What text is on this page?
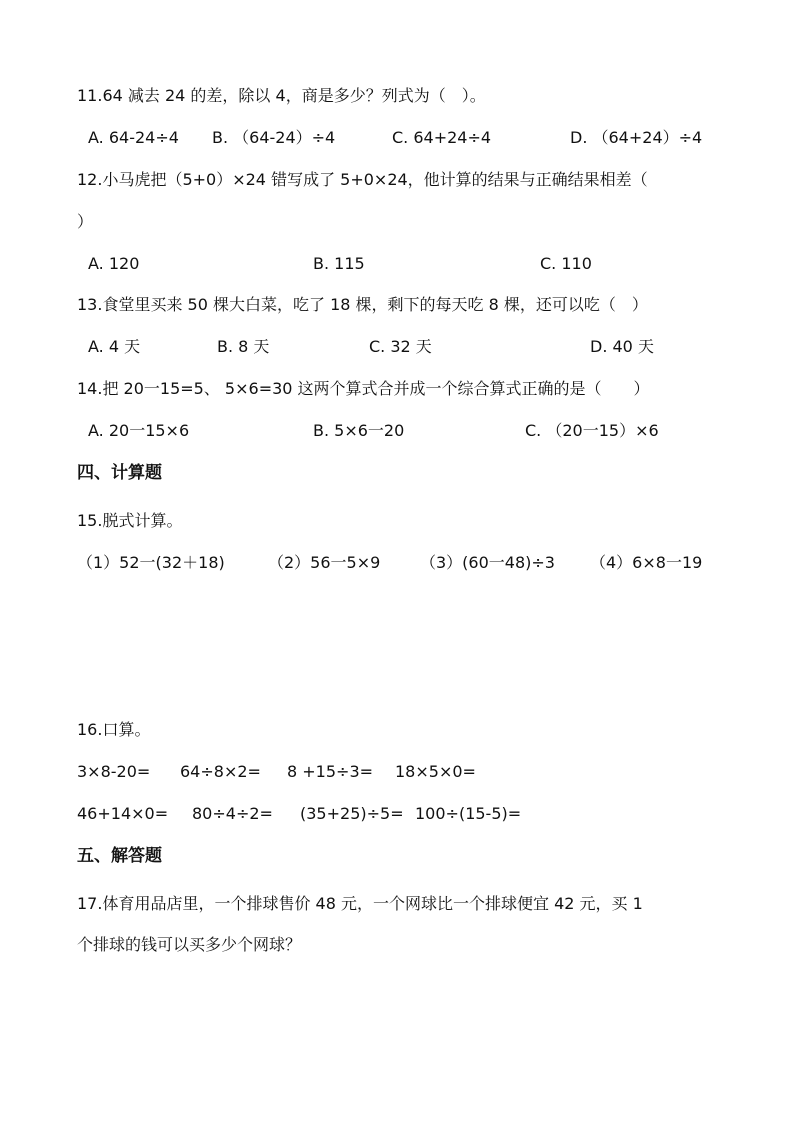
11.64 减去 24 的差，除以 4，商是多少？列式为（　）。
A. 64-24÷4 B. （64-24）÷4	C. 64+24÷4	D. （64+24）÷4
12.小马虎把（5+0）×24 错写成了 5+0×24，他计算的结果与正确结果相差（
）
A. 120	B. 115	C. 110
13.食堂里买来 50 棵大白菜，吃了 18 棵，剩下的每天吃 8 棵，还可以吃（　）
A. 4 天	B. 8 天	C. 32 天	D. 40 天
14.把 20一15=5、 5×6=30 这两个算式合并成一个综合算式正确的是（　　）
A. 20一15×6	B. 5×6一20	C. （20一15）×6
四、计算题
15.脱式计算。
（1）52一(32＋18)	（2）56一5×9 （3）(60一48)÷3 （4）6×8一19
16.口算。
3×8-20= 64÷8×2= 8 +15÷3= 18×5×0=
46+14×0= 80÷4÷2= (35+25)÷5= 100÷(15-5)=
五、解答题
17.体育用品店里，一个排球售价 48 元，一个网球比一个排球便宜 42 元，买 1
个排球的钱可以买多少个网球？
